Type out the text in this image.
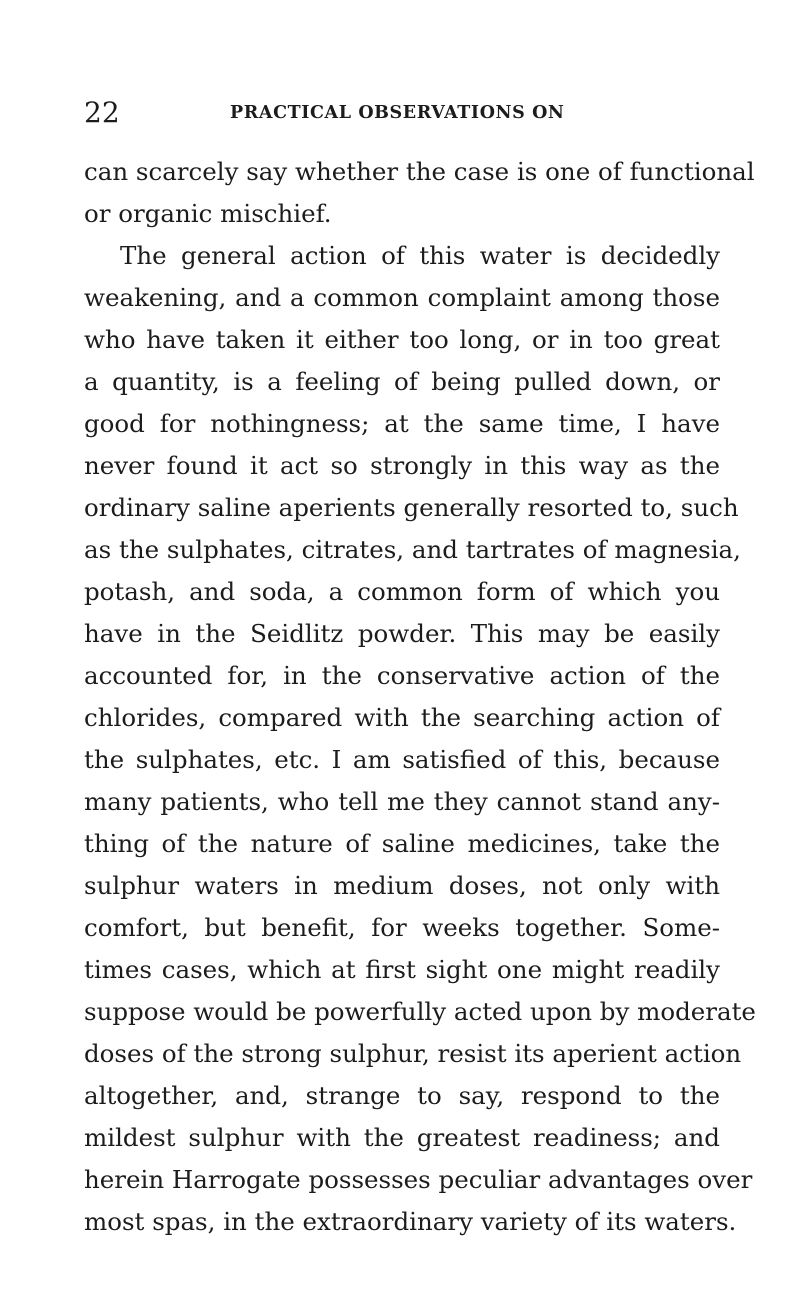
22	PRACTICAL OBSERVATIONS ON
can scarcely say whether the case is one of functional
or organic mischief.
The general action of this water is decidedly
weakening, and a common complaint among those
who have taken it either too long, or in too great
a quantity, is a feeling of being pulled down, or
good for nothingness; at the same time, I have
never found it act so strongly in this way as the
ordinary saline aperients generally resorted to, such
as the sulphates, citrates, and tartrates of magnesia,
potash, and soda, a common form of which you
have in the Seidlitz powder. This may be easily
accounted for, in the conservative action of the
chlorides, compared with the searching action of
the sulphates, etc. I am satisfied of this, because
many patients, who tell me they cannot stand any-
thing of the nature of saline medicines, take the
sulphur waters in medium doses, not only with
comfort, but benefit, for weeks together. Some-
times cases, which at first sight one might readily
suppose would be powerfully acted upon by moderate
doses of the strong sulphur, resist its aperient action
altogether, and, strange to say, respond to the
mildest sulphur with the greatest readiness; and
herein Harrogate possesses peculiar advantages over
most spas, in the extraordinary variety of its waters.
